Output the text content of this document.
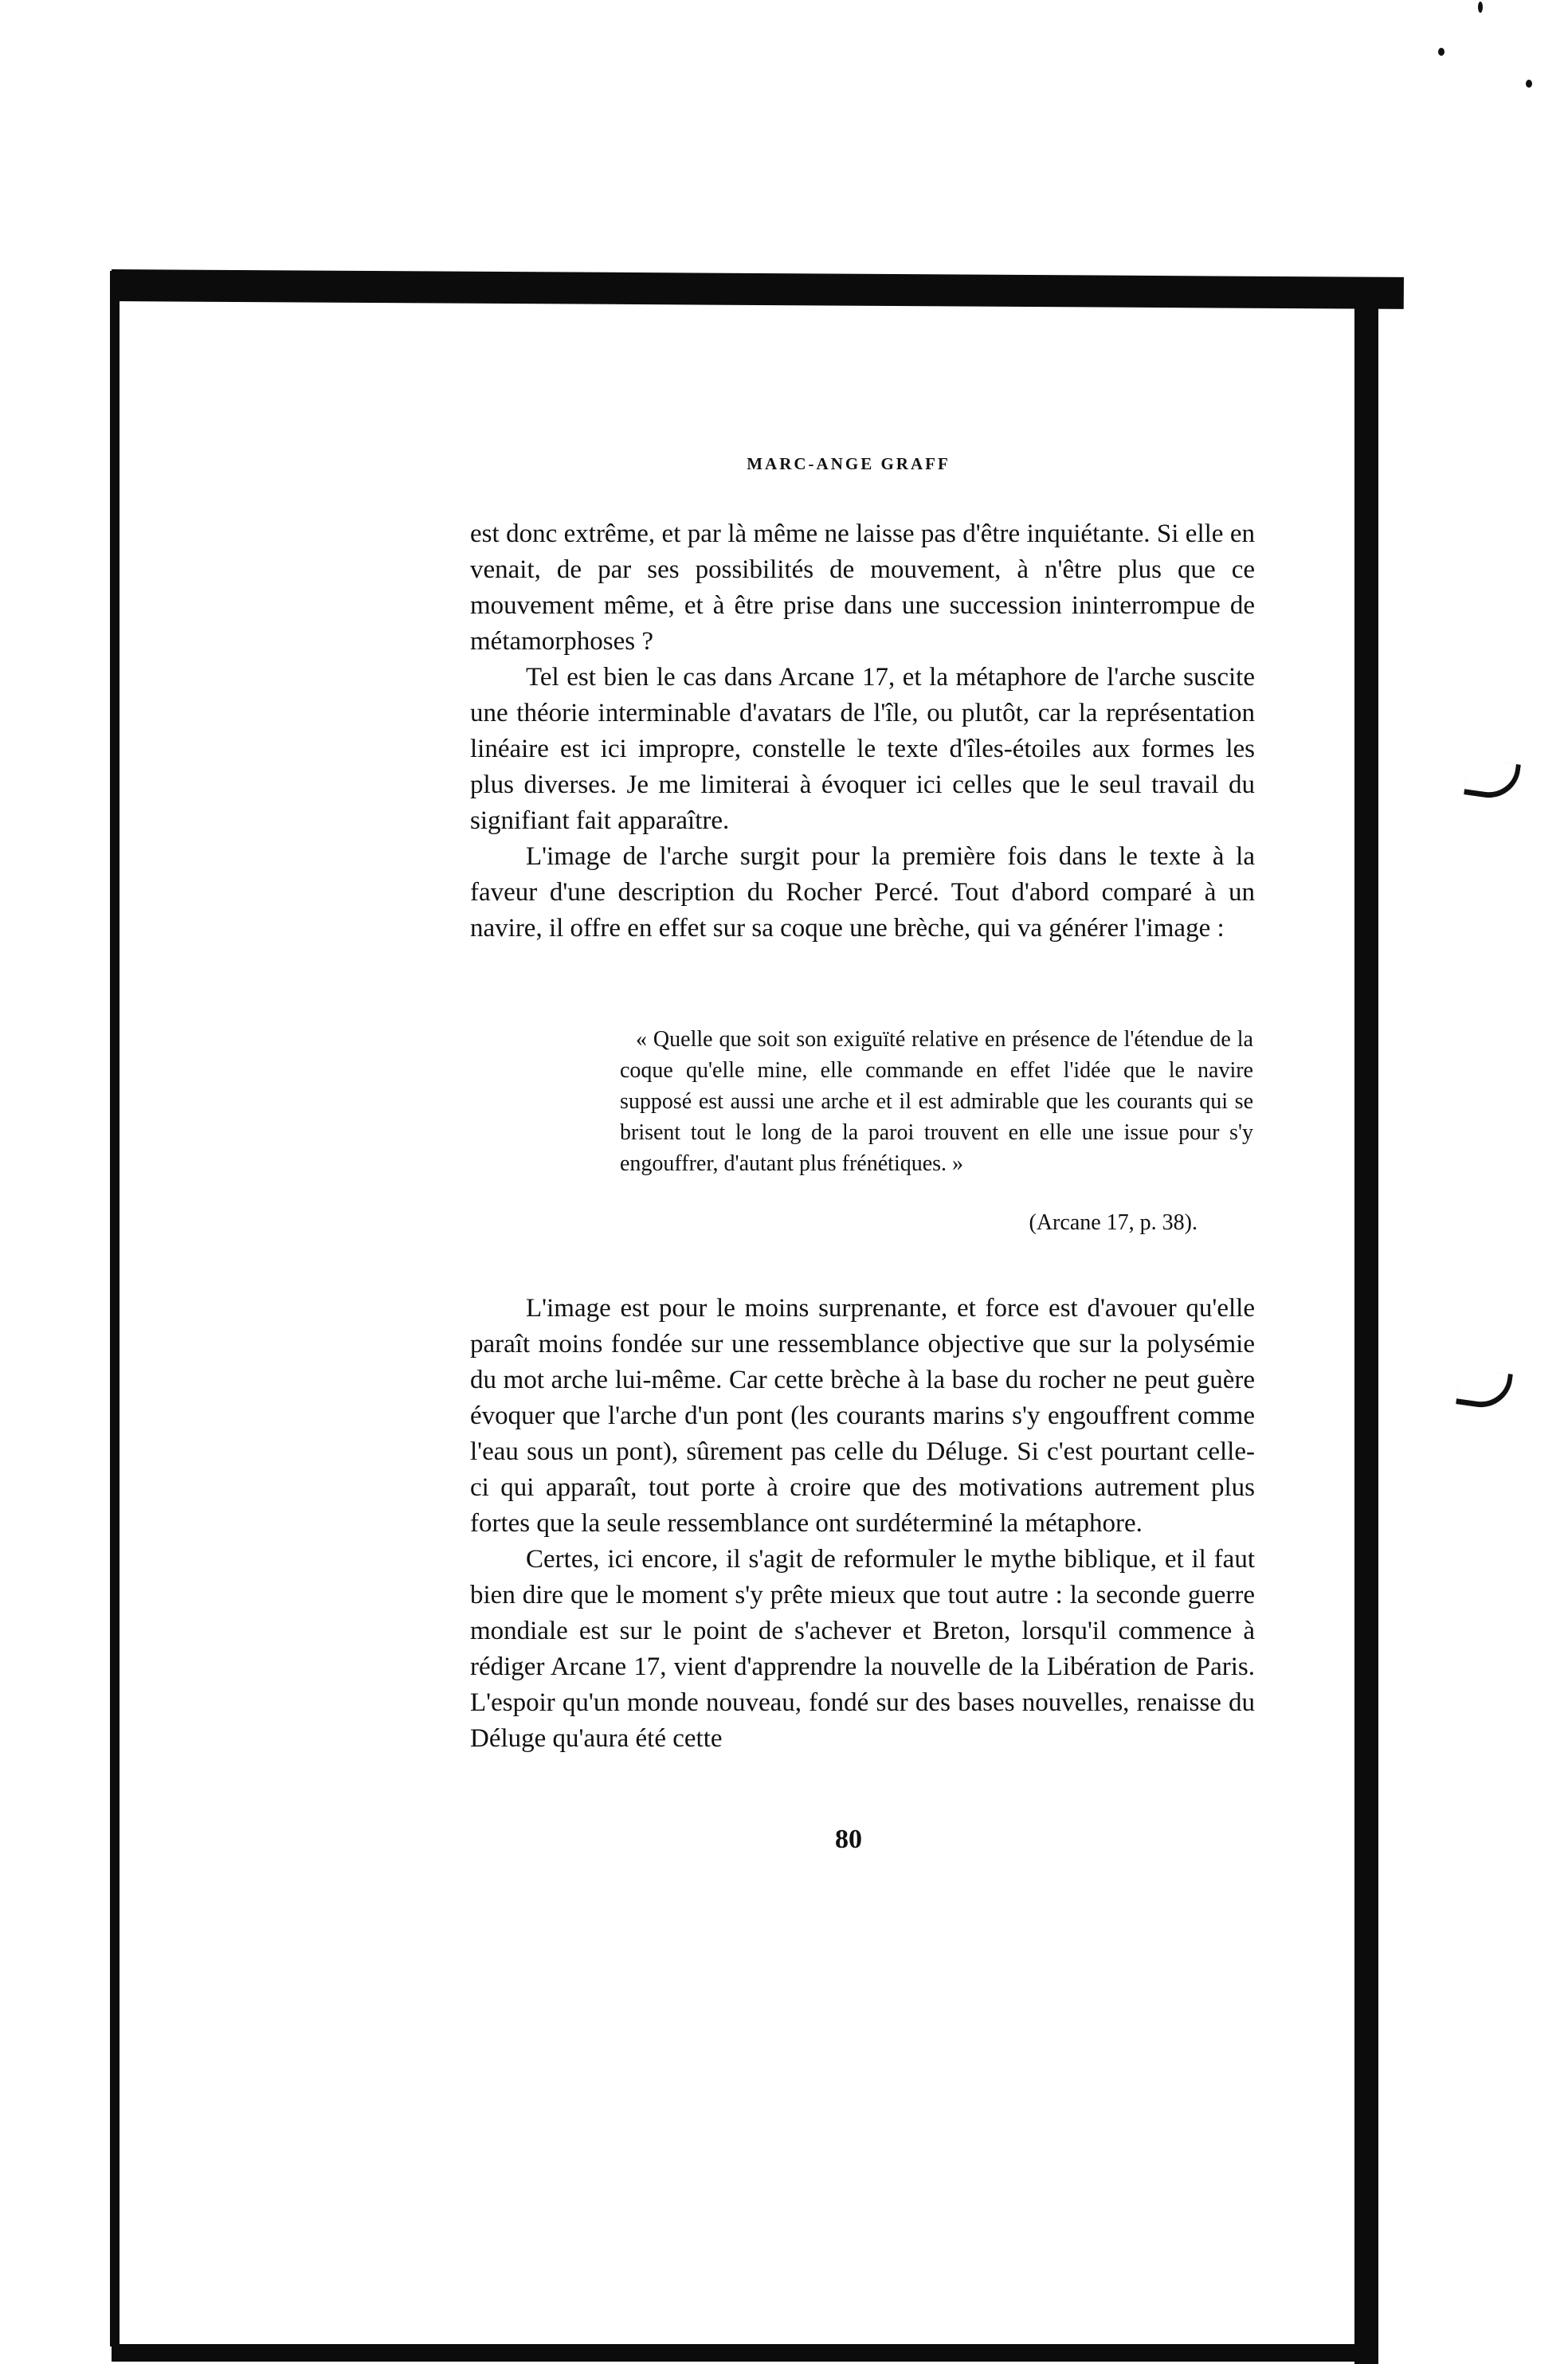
MARC-ANGE GRAFF

est donc extrême, et par là même ne laisse pas d'être inquiétante. Si elle en venait, de par ses possibilités de mouvement, à n'être plus que ce mouvement même, et à être prise dans une succession ininterrompue de métamorphoses ?

Tel est bien le cas dans Arcane 17, et la métaphore de l'arche suscite une théorie interminable d'avatars de l'île, ou plutôt, car la représentation linéaire est ici impropre, constelle le texte d'îles-étoiles aux formes les plus diverses. Je me limiterai à évoquer ici celles que le seul travail du signifiant fait apparaître.

L'image de l'arche surgit pour la première fois dans le texte à la faveur d'une description du Rocher Percé. Tout d'abord comparé à un navire, il offre en effet sur sa coque une brèche, qui va générer l'image :

« Quelle que soit son exiguïté relative en présence de l'étendue de la coque qu'elle mine, elle commande en effet l'idée que le navire supposé est aussi une arche et il est admirable que les courants qui se brisent tout le long de la paroi trouvent en elle une issue pour s'y engouffrer, d'autant plus frénétiques. »

(Arcane 17, p. 38).

L'image est pour le moins surprenante, et force est d'avouer qu'elle paraît moins fondée sur une ressemblance objective que sur la polysémie du mot arche lui-même. Car cette brèche à la base du rocher ne peut guère évoquer que l'arche d'un pont (les courants marins s'y engouffrent comme l'eau sous un pont), sûrement pas celle du Déluge. Si c'est pourtant celle-ci qui apparaît, tout porte à croire que des motivations autrement plus fortes que la seule ressemblance ont surdéterminé la métaphore.

Certes, ici encore, il s'agit de reformuler le mythe biblique, et il faut bien dire que le moment s'y prête mieux que tout autre : la seconde guerre mondiale est sur le point de s'achever et Breton, lorsqu'il commence à rédiger Arcane 17, vient d'apprendre la nouvelle de la Libération de Paris. L'espoir qu'un monde nouveau, fondé sur des bases nouvelles, renaisse du Déluge qu'aura été cette

80
